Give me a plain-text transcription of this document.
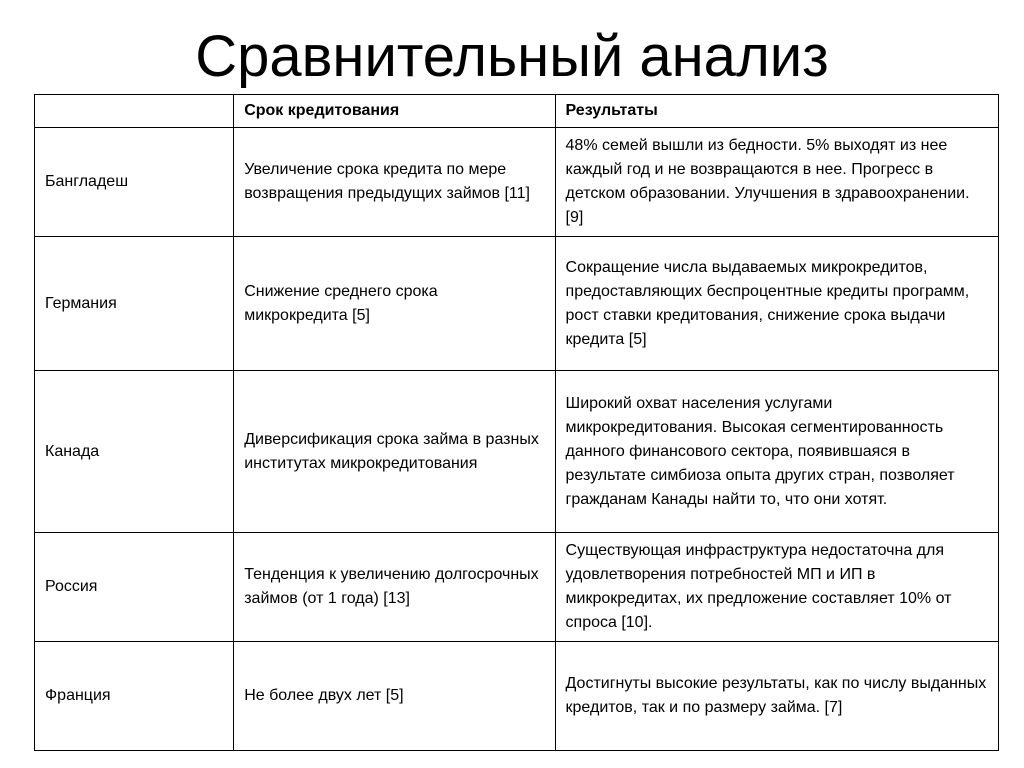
Сравнительный анализ
	Срок кредитования	Результаты
Бангладеш	Увеличение срока кредита по мере возвращения предыдущих займов [11]	48% семей вышли из бедности. 5% выходят из нее каждый год и не возвращаются в нее. Прогресс в детском образовании. Улучшения в здравоохранении. [9]
Германия	Снижение среднего срока микрокредита [5]	Сокращение числа выдаваемых микрокредитов, предоставляющих беспроцентные кредиты программ, рост ставки кредитования, снижение срока выдачи кредита [5]
Канада	Диверсификация срока займа в разных институтах микрокредитования	Широкий охват населения услугами микрокредитования. Высокая сегментированность данного финансового сектора, появившаяся в результате симбиоза опыта других стран, позволяет гражданам Канады найти то, что они хотят.
Россия	Тенденция к увеличению долгосрочных займов (от 1 года) [13]	Существующая инфраструктура недостаточна для удовлетворения потребностей МП и ИП в микрокредитах, их предложение составляет 10% от спроса [10].
Франция	Не более двух лет [5]	Достигнуты высокие результаты, как по числу выданных кредитов, так и по размеру займа. [7]
